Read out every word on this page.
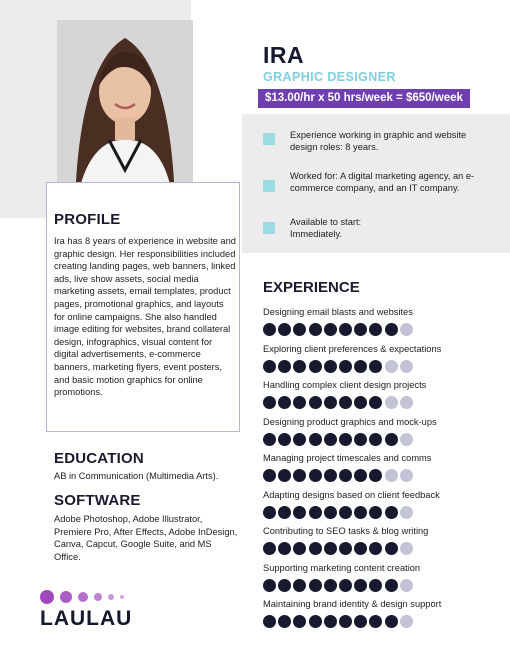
IRA
GRAPHIC DESIGNER
$13.00/hr x 50 hrs/week = $650/week
Experience working in graphic and website design roles: 8 years.
Worked for: A digital marketing agency, an e-commerce company, and an IT company.
Available to start: Immediately.
PROFILE
Ira has 8 years of experience in website and graphic design. Her responsibilities included creating landing pages, web banners, linked ads, live show assets, social media marketing assets, email templates, product pages, promotional graphics, and layouts for online campaigns. She also handled image editing for websites, brand collateral design, infographics, visual content for digital advertisements, e-commerce banners, marketing flyers, event posters, and basic motion graphics for online promotions.
EDUCATION
AB in Communication (Multimedia Arts).
SOFTWARE
Adobe Photoshop, Adobe Illustrator, Premiere Pro, After Effects, Adobe InDesign, Canva, Capcut, Google Suite, and MS Office.
EXPERIENCE
Designing email blasts and websites
Exploring client preferences & expectations
Handling complex client design projects
Designing product graphics and mock-ups
Managing project timescales and comms
Adapting designs based on client feedback
Contributing to SEO tasks & blog writing
Supporting marketing content creation
Maintaining brand identity & design support
LAULAU
